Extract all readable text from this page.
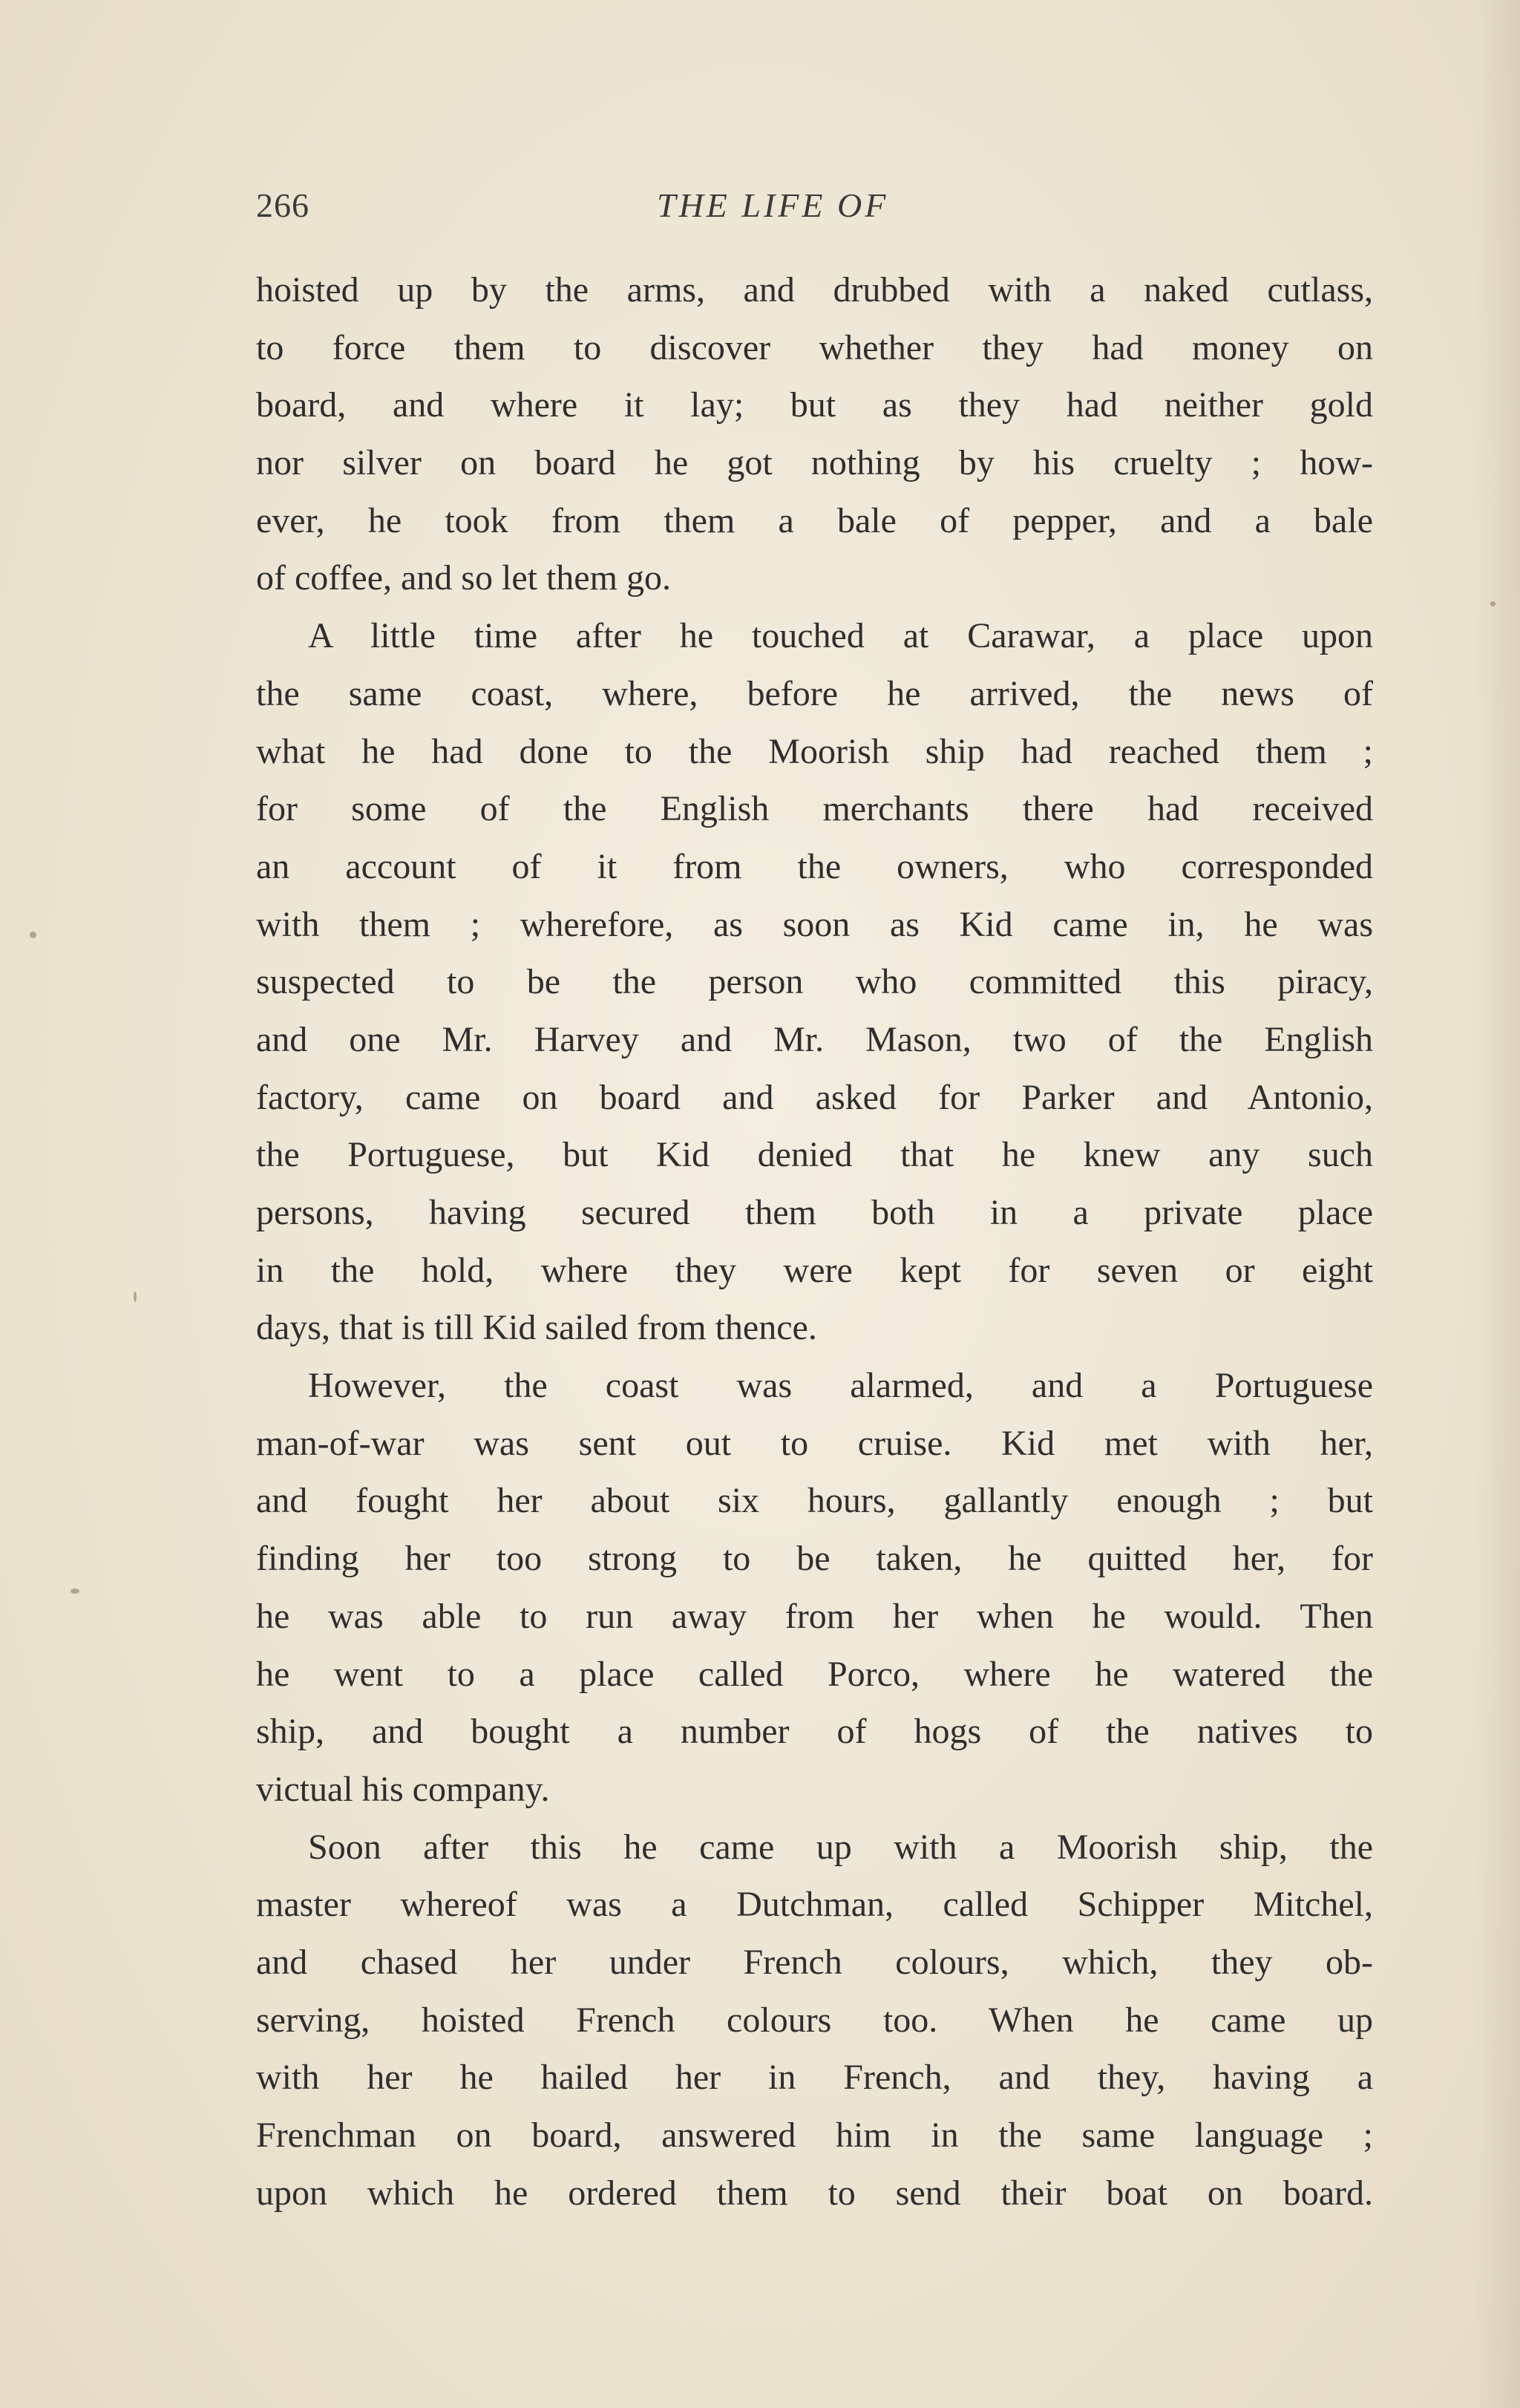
266	THE LIFE OF
hoisted up by the arms, and drubbed with a naked cutlass,
to force them to discover whether they had money on
board, and where it lay; but as they had neither gold
nor silver on board he got nothing by his cruelty ; how-
ever, he took from them a bale of pepper, and a bale
of coffee, and so let them go.
A little time after he touched at Carawar, a place upon
the same coast, where, before he arrived, the news of
what he had done to the Moorish ship had reached them ;
for some of the English merchants there had received
an account of it from the owners, who corresponded
with them ; wherefore, as soon as Kid came in, he was
suspected to be the person who committed this piracy,
and one Mr. Harvey and Mr. Mason, two of the English
factory, came on board and asked for Parker and Antonio,
the Portuguese, but Kid denied that he knew any such
persons, having secured them both in a private place
in the hold, where they were kept for seven or eight
days, that is till Kid sailed from thence.
However, the coast was alarmed, and a Portuguese
man-of-war was sent out to cruise. Kid met with her,
and fought her about six hours, gallantly enough ; but
finding her too strong to be taken, he quitted her, for
he was able to run away from her when he would. Then
he went to a place called Porco, where he watered the
ship, and bought a number of hogs of the natives to
victual his company.
Soon after this he came up with a Moorish ship, the
master whereof was a Dutchman, called Schipper Mitchel,
and chased her under French colours, which, they ob-
serving, hoisted French colours too. When he came up
with her he hailed her in French, and they, having a
Frenchman on board, answered him in the same language ;
upon which he ordered them to send their boat on board.
